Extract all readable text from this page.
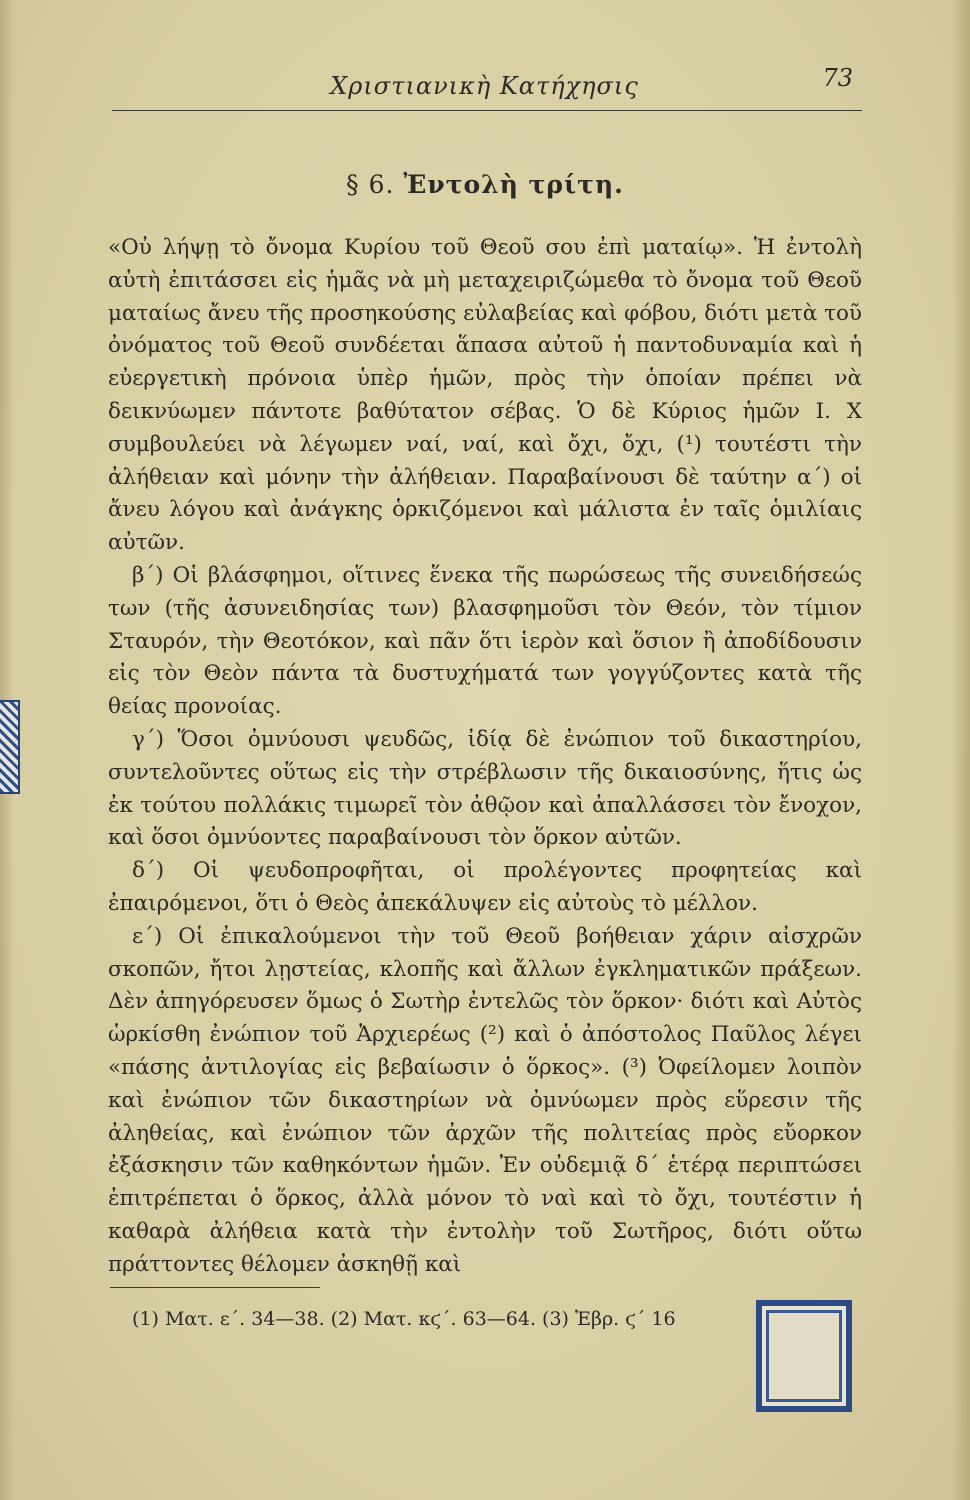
Χριστιανικὴ Κατήχησις	73
§ 6. Ἐντολὴ τρίτη.

«Οὐ λήψῃ τὸ ὄνομα Κυρίου τοῦ Θεοῦ σου ἐπὶ ματαίῳ». Ἡ ἐντολὴ αὐτὴ ἐπιτάσσει εἰς ἡμᾶς νὰ μὴ μεταχειριζώμεθα τὸ ὄνομα τοῦ Θεοῦ ματαίως ἄνευ τῆς προσηκούσης εὐλαβείας καὶ φόβου, διότι μετὰ τοῦ ὀνόματος τοῦ Θεοῦ συνδέεται ἅπασα αὐτοῦ ἡ παντοδυναμία καὶ ἡ εὐεργετικὴ πρόνοια ὑπὲρ ἡμῶν, πρὸς τὴν ὁποίαν πρέπει νὰ δεικνύωμεν πάντοτε βαθύτατον σέβας. Ὁ δὲ Κύριος ἡμῶν Ι. Χ συμβουλεύει νὰ λέγωμεν ναί, ναί, καὶ ὄχι, ὄχι, (¹) τουτέστι τὴν ἀλήθειαν καὶ μόνην τὴν ἀλήθειαν. Παραβαίνουσι δὲ ταύτην α΄) οἱ ἄνευ λόγου καὶ ἀνάγκης ὁρκιζόμενοι καὶ μάλιστα ἐν ταῖς ὁμιλίαις αὐτῶν.

β΄) Οἱ βλάσφημοι, οἵτινες ἕνεκα τῆς πωρώσεως τῆς συνειδήσεώς των (τῆς ἀσυνειδησίας των) βλασφημοῦσι τὸν Θεόν, τὸν τίμιον Σταυρόν, τὴν Θεοτόκον, καὶ πᾶν ὅτι ἱερὸν καὶ ὅσιον ἢ ἀποδίδουσιν εἰς τὸν Θεὸν πάντα τὰ δυστυχήματά των γογγύζοντες κατὰ τῆς θείας προνοίας.

γ΄) Ὅσοι ὀμνύουσι ψευδῶς, ἰδίᾳ δὲ ἐνώπιον τοῦ δικαστηρίου, συντελοῦντες οὕτως εἰς τὴν στρέβλωσιν τῆς δικαιοσύνης, ἥτις ὡς ἐκ τούτου πολλάκις τιμωρεῖ τὸν ἀθῷον καὶ ἀπαλλάσσει τὸν ἔνοχον, καὶ ὅσοι ὀμνύοντες παραβαίνουσι τὸν ὅρκον αὐτῶν.

δ΄) Οἱ ψευδοπροφῆται, οἱ προλέγοντες προφητείας καὶ ἐπαιρόμενοι, ὅτι ὁ Θεὸς ἀπεκάλυψεν εἰς αὐτοὺς τὸ μέλλον.

ε΄) Οἱ ἐπικαλούμενοι τὴν τοῦ Θεοῦ βοήθειαν χάριν αἰσχρῶν σκοπῶν, ἤτοι λῃστείας, κλοπῆς καὶ ἄλλων ἐγκληματικῶν πράξεων. Δὲν ἀπηγόρευσεν ὅμως ὁ Σωτὴρ ἐντελῶς τὸν ὅρκον· διότι καὶ Αὐτὸς ὡρκίσθη ἐνώπιον τοῦ Ἀρχιερέως (²) καὶ ὁ ἀπόστολος Παῦλος λέγει «πάσης ἀντιλογίας εἰς βεβαίωσιν ὁ ὅρκος». (³) Ὀφείλομεν λοιπὸν καὶ ἐνώπιον τῶν δικαστηρίων νὰ ὀμνύωμεν πρὸς εὕρεσιν τῆς ἀληθείας, καὶ ἐνώπιον τῶν ἀρχῶν τῆς πολιτείας πρὸς εὔορκον ἐξάσκησιν τῶν καθηκόντων ἡμῶν. Ἐν οὐδεμιᾷ δ΄ ἑτέρᾳ περιπτώσει ἐπιτρέπεται ὁ ὅρκος, ἀλλὰ μόνον τὸ ναὶ καὶ τὸ ὄχι, τουτέστιν ἡ καθαρὰ ἀλήθεια κατὰ τὴν ἐντολὴν τοῦ Σωτῆρος, διότι οὕτω πράττοντες θέλομεν ἀσκηθῇ καὶ

(1) Ματ. ε΄. 34—38. (2) Ματ. κϛ΄. 63—64. (3) Ἑβρ. ϛ΄ 16
